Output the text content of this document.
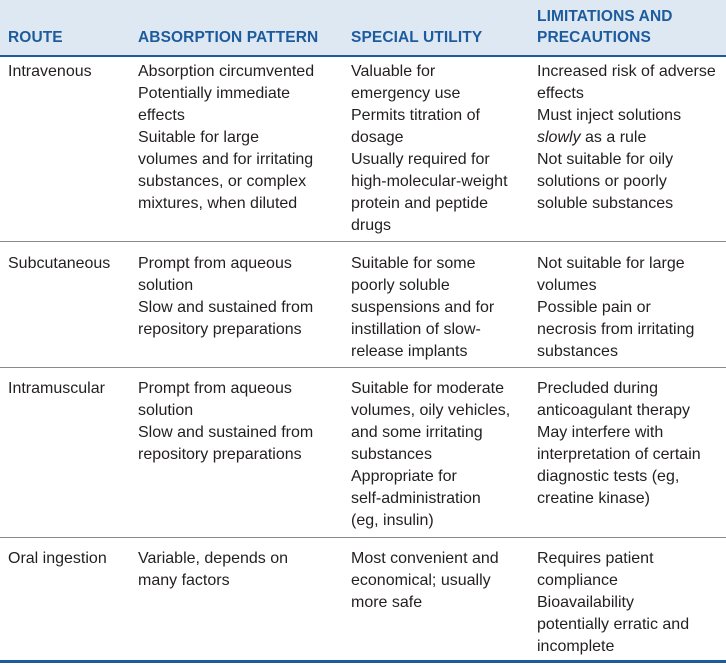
ROUTE	ABSORPTION PATTERN SPECIAL UTILITY
LIMITATIONS AND
PRECAUTIONS
Intravenous	Absorption circumvented
Potentially immediate
effects
Suitable for large
volumes and for irritating
substances, or complex
mixtures, when diluted
Valuable for
emergency use
Permits titration of
dosage
Usually required for
high-molecular-weight
protein and peptide
drugs
Increased risk of adverse
effects
Must inject solutions
slowly as a rule
Not suitable for oily
solutions or poorly
soluble substances
Subcutaneous Prompt from aqueous
solution
Slow and sustained from
repository preparations
Suitable for some
poorly soluble
suspensions and for
instillation of slow-
release implants
Not suitable for large
volumes
Possible pain or
necrosis from irritating
substances
Intramuscular Prompt from aqueous
solution
Slow and sustained from
repository preparations
Suitable for moderate
volumes, oily vehicles,
and some irritating
substances
Appropriate for
self-administration
(eg, insulin)
Precluded during
anticoagulant therapy
May interfere with
interpretation of certain
diagnostic tests (eg,
creatine kinase)
Oral ingestion Variable, depends on
many factors
Most convenient and
economical; usually
more safe
Requires patient
compliance
Bioavailability
potentially erratic and
incomplete
